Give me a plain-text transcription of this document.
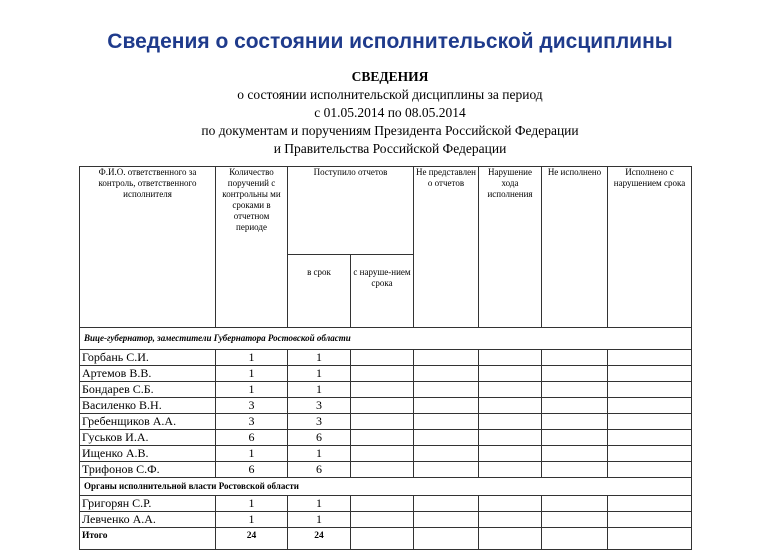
Сведения о состоянии исполнительской дисциплины
СВЕДЕНИЯ
о состоянии исполнительской дисциплины за период
с 01.05.2014 по 08.05.2014
по документам и поручениям Президента Российской Федерации
и Правительства Российской Федерации
Ф.И.О. ответственного за контроль, ответственного исполнителя	Количество поручений с контрольны ми сроками в отчетном периоде	Поступило отчетов		Не представлен о отчетов	Нарушение хода исполнения	Не исполнено	Исполнено с нарушением срока
		в срок	с наруше-нием срока				
Вице-губернатор, заместители Губернатора Ростовской области							
Горбань С.И.	1	1					
Артемов В.В.	1	1					
Бондарев С.Б.	1	1					
Василенко В.Н.	3	3					
Гребенщиков А.А.	3	3					
Гуськов И.А.	6	6					
Ищенко А.В.	1	1					
Трифонов С.Ф.	6	6					
Органы исполнительной власти Ростовской области							
Григорян С.Р.	1	1					
Левченко А.А.	1	1					
Итого	24	24					
